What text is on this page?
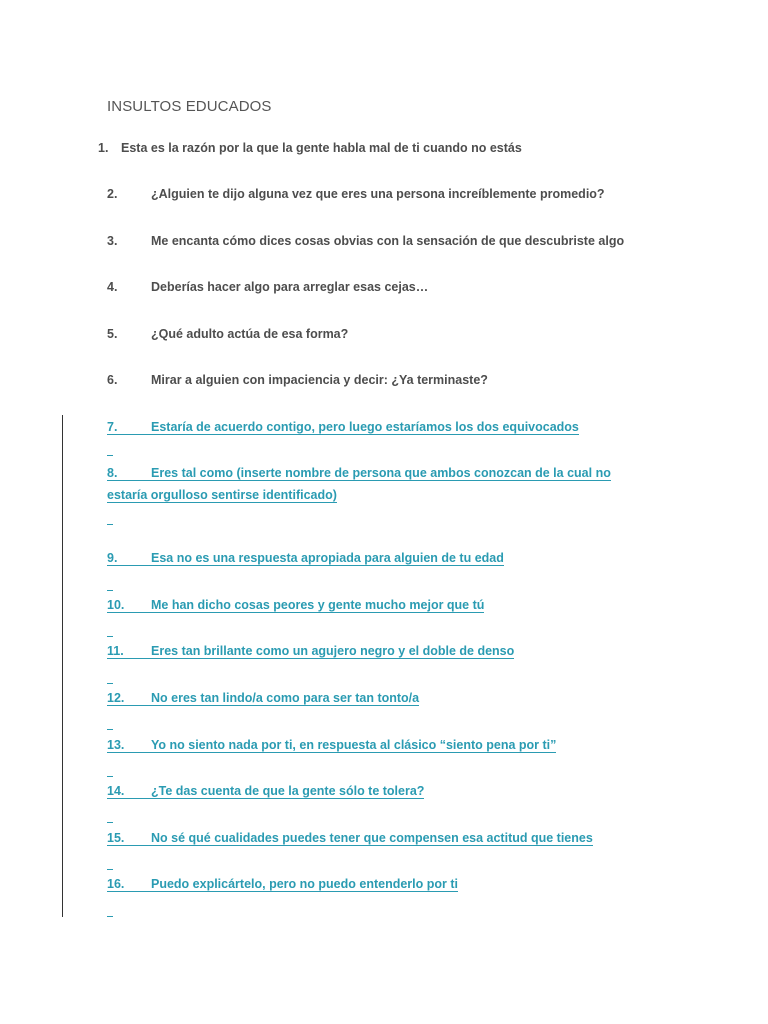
INSULTOS EDUCADOS
1. Esta es la razón por la que la gente habla mal de ti cuando no estás
2.	¿Alguien te dijo alguna vez que eres una persona increíblemente promedio?
3.	Me encanta cómo dices cosas obvias con la sensación de que descubriste algo
4.	Deberías hacer algo para arreglar esas cejas…
5.	¿Qué adulto actúa de esa forma?
6.	Mirar a alguien con impaciencia y decir: ¿Ya terminaste?
7.	Estaría de acuerdo contigo, pero luego estaríamos los dos equivocados
8.	Eres tal como (inserte nombre de persona que ambos conozcan de la cual no estaría orgulloso sentirse identificado)
9.	Esa no es una respuesta apropiada para alguien de tu edad
10. Me han dicho cosas peores y gente mucho mejor que tú
11. Eres tan brillante como un agujero negro y el doble de denso
12. No eres tan lindo/a como para ser tan tonto/a
13. Yo no siento nada por ti, en respuesta al clásico “siento pena por ti”
14. ¿Te das cuenta de que la gente sólo te tolera?
15. No sé qué cualidades puedes tener que compensen esa actitud que tienes
16. Puedo explicártelo, pero no puedo entenderlo por ti
